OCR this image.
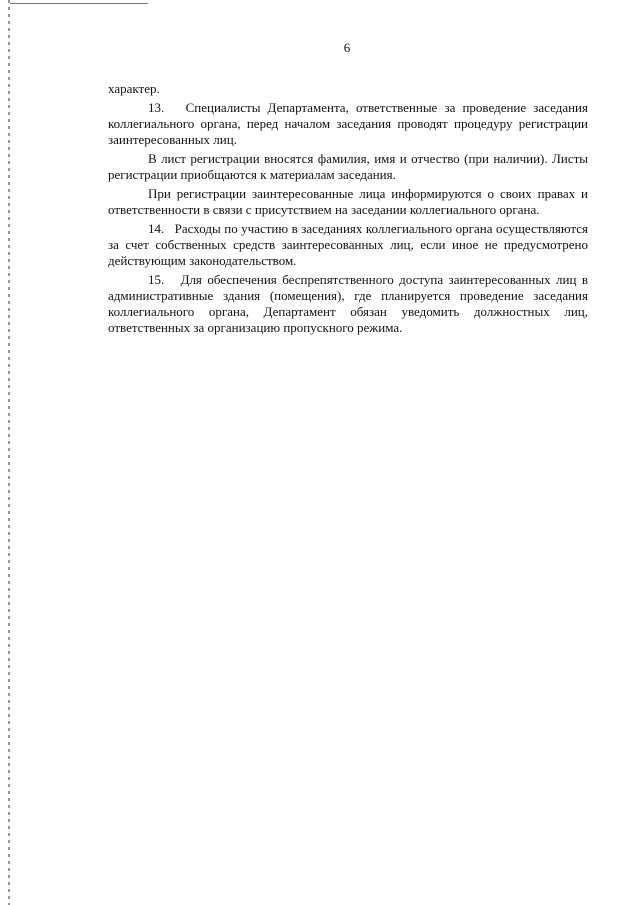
6

характер.

13.   Специалисты Департамента, ответственные за проведение заседания коллегиального органа, перед началом заседания проводят процедуру регистрации заинтересованных лиц.

В лист регистрации вносятся фамилия, имя и отчество (при наличии). Листы регистрации приобщаются к материалам заседания.

При регистрации заинтересованные лица информируются о своих правах и ответственности в связи с присутствием на заседании коллегиального органа.

14.   Расходы по участию в заседаниях коллегиального органа осуществляются за счет собственных средств заинтересованных лиц, если иное не предусмотрено действующим законодательством.

15.   Для обеспечения беспрепятственного доступа заинтересованных лиц в административные здания (помещения), где планируется проведение заседания коллегиального органа, Департамент обязан уведомить должностных лиц, ответственных за организацию пропускного режима.
